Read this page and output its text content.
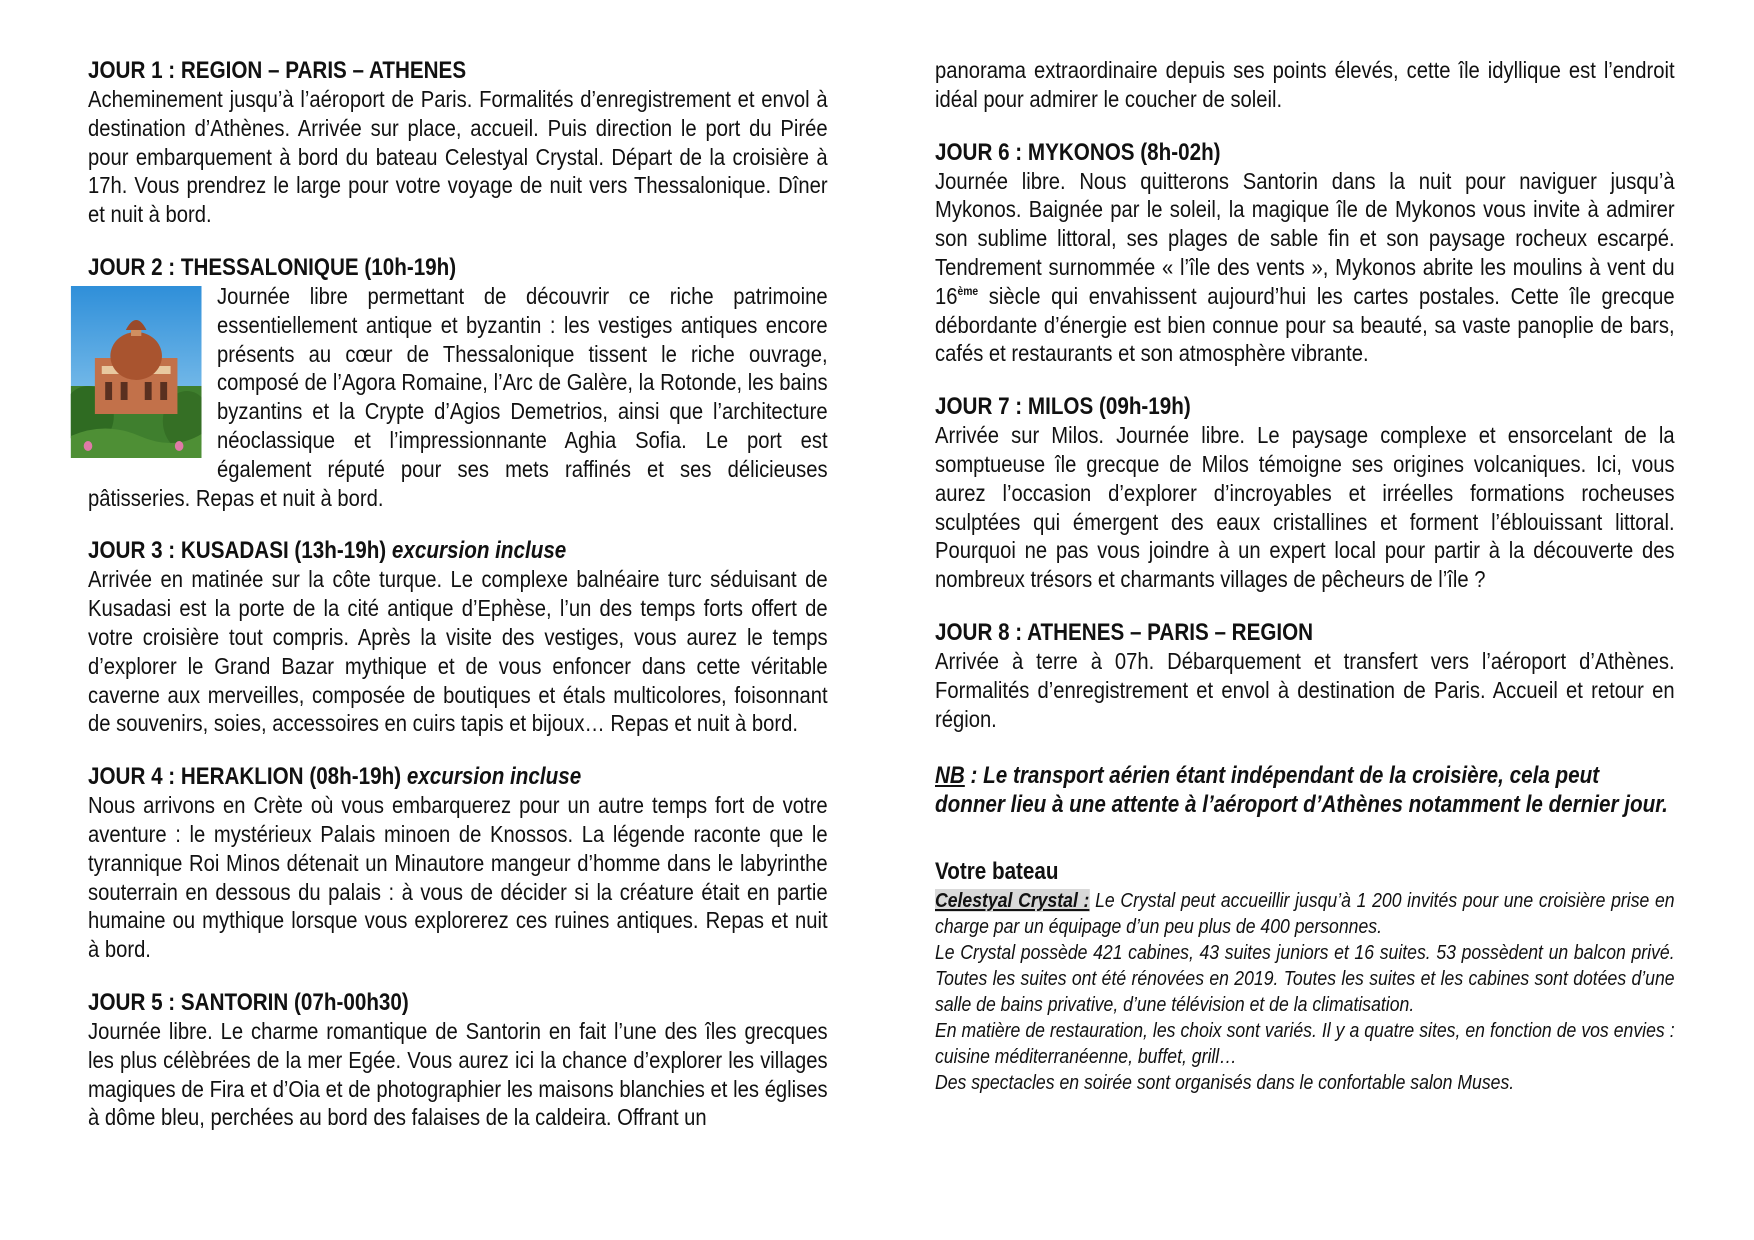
JOUR 1 : REGION – PARIS – ATHENES

Acheminement jusqu’à l’aéroport de Paris. Formalités d’enregistrement et envol à destination d’Athènes. Arrivée sur place, accueil. Puis direction le port du Pirée pour embarquement à bord du bateau Celestyal Crystal. Départ de la croisière à 17h. Vous prendrez le large pour votre voyage de nuit vers Thessalonique. Dîner et nuit à bord.

JOUR 2 : THESSALONIQUE (10h-19h)

Journée libre permettant de découvrir ce riche patrimoine essentiellement antique et byzantin : les vestiges antiques encore présents au cœur de Thessalonique tissent le riche ouvrage, composé de l’Agora Romaine, l’Arc de Galère, la Rotonde, les bains byzantins et la Crypte d’Agios Demetrios, ainsi que l’architecture néoclassique et l’impressionnante Aghia Sofia. Le port est également réputé pour ses mets raffinés et ses délicieuses pâtisseries. Repas et nuit à bord.

JOUR 3 : KUSADASI (13h-19h) excursion incluse

Arrivée en matinée sur la côte turque. Le complexe balnéaire turc séduisant de Kusadasi est la porte de la cité antique d’Ephèse, l’un des temps forts offert de votre croisière tout compris. Après la visite des vestiges, vous aurez le temps d’explorer le Grand Bazar mythique et de vous enfoncer dans cette véritable caverne aux merveilles, composée de boutiques et étals multicolores, foisonnant de souvenirs, soies, accessoires en cuirs tapis et bijoux… Repas et nuit à bord.

JOUR 4 : HERAKLION (08h-19h) excursion incluse

Nous arrivons en Crète où vous embarquerez pour un autre temps fort de votre aventure : le mystérieux Palais minoen de Knossos. La légende raconte que le tyrannique Roi Minos détenait un Minautore mangeur d’homme dans le labyrinthe souterrain en dessous du palais : à vous de décider si la créature était en partie humaine ou mythique lorsque vous explorerez ces ruines antiques. Repas et nuit à bord.

JOUR 5 : SANTORIN (07h-00h30)

Journée libre. Le charme romantique de Santorin en fait l’une des îles grecques les plus célèbrées de la mer Egée. Vous aurez ici la chance d’explorer les villages magiques de Fira et d’Oia et de photographier les maisons blanchies et les églises à dôme bleu, perchées au bord des falaises de la caldeira. Offrant un

panorama extraordinaire depuis ses points élevés, cette île idyllique est l’endroit idéal pour admirer le coucher de soleil.

JOUR 6 : MYKONOS (8h-02h)

Journée libre. Nous quitterons Santorin dans la nuit pour naviguer jusqu’à Mykonos. Baignée par le soleil, la magique île de Mykonos vous invite à admirer son sublime littoral, ses plages de sable fin et son paysage rocheux escarpé. Tendrement surnommée « l’île des vents », Mykonos abrite les moulins à vent du 16ème siècle qui envahissent aujourd’hui les cartes postales. Cette île grecque débordante d’énergie est bien connue pour sa beauté, sa vaste panoplie de bars, cafés et restaurants et son atmosphère vibrante.

JOUR 7 : MILOS (09h-19h)

Arrivée sur Milos. Journée libre. Le paysage complexe et ensorcelant de la somptueuse île grecque de Milos témoigne ses origines volcaniques. Ici, vous aurez l’occasion d’explorer d’incroyables et irréelles formations rocheuses sculptées qui émergent des eaux cristallines et forment l’éblouissant littoral. Pourquoi ne pas vous joindre à un expert local pour partir à la découverte des nombreux trésors et charmants villages de pêcheurs de l’île ?

JOUR 8 : ATHENES – PARIS – REGION

Arrivée à terre à 07h. Débarquement et transfert vers l’aéroport d’Athènes. Formalités d’enregistrement et envol à destination de Paris. Accueil et retour en région.

NB : Le transport aérien étant indépendant de la croisière, cela peut donner lieu à une attente à l’aéroport d’Athènes notamment le dernier jour.

Votre bateau

Celestyal Crystal : Le Crystal peut accueillir jusqu’à 1 200 invités pour une croisière prise en charge par un équipage d’un peu plus de 400 personnes.

Le Crystal possède 421 cabines, 43 suites juniors et 16 suites. 53 possèdent un balcon privé. Toutes les suites ont été rénovées en 2019. Toutes les suites et les cabines sont dotées d’une salle de bains privative, d’une télévision et de la climatisation.

En matière de restauration, les choix sont variés. Il y a quatre sites, en fonction de vos envies : cuisine méditerranéenne, buffet, grill…

Des spectacles en soirée sont organisés dans le confortable salon Muses.
